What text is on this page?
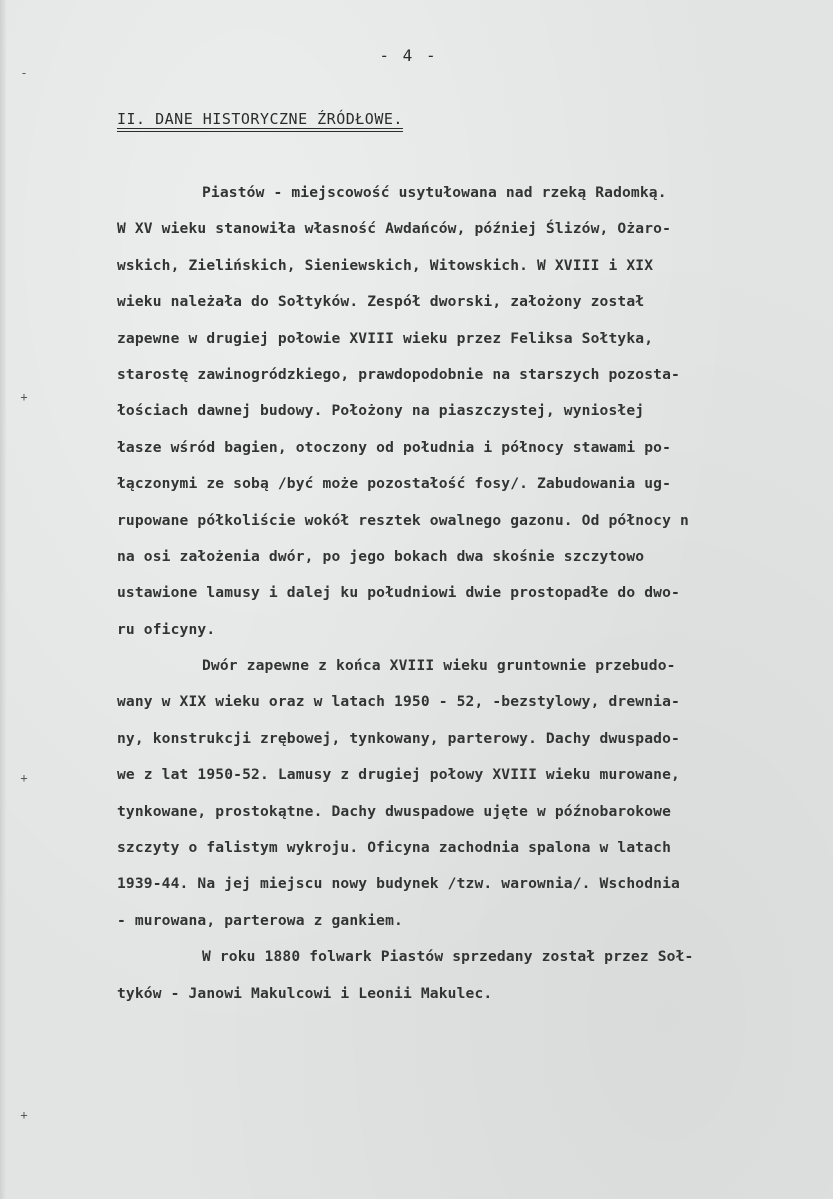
-
+
+
+
- 4 -
II. DANE HISTORYCZNE ŹRÓDŁOWE.
Piastów - miejscowość usytułowana nad rzeką Radomką.
W XV wieku stanowiła własność Awdańców, później Ślizów, Ożaro-
wskich, Zielińskich, Sieniewskich, Witowskich. W XVIII i XIX
wieku należała do Sołtyków. Zespół dworski, założony został
zapewne w drugiej połowie XVIII wieku przez Feliksa Sołtyka,
starostę zawinogródzkiego, prawdopodobnie na starszych pozosta-
łościach dawnej budowy. Położony na piaszczystej, wyniosłej
łasze wśród bagien, otoczony od południa i północy stawami po-
łączonymi ze sobą /być może pozostałość fosy/. Zabudowania ug-
rupowane półkoliście wokół resztek owalnego gazonu. Od północy n
na osi założenia dwór, po jego bokach dwa skośnie szczytowo
ustawione lamusy i dalej ku południowi dwie prostopadłe do dwo-
ru oficyny.
Dwór zapewne z końca XVIII wieku gruntownie przebudo-
wany w XIX wieku oraz w latach 1950 - 52, -bezstylowy, drewnia-
ny, konstrukcji zrębowej, tynkowany, parterowy. Dachy dwuspado-
we z lat 1950-52. Lamusy z drugiej połowy XVIII wieku murowane,
tynkowane, prostokątne. Dachy dwuspadowe ujęte w późnobarokowe
szczyty o falistym wykroju. Oficyna zachodnia spalona w latach
1939-44. Na jej miejscu nowy budynek /tzw. warownia/. Wschodnia
- murowana, parterowa z gankiem.
W roku 1880 folwark Piastów sprzedany został przez Soł-
tyków - Janowi Makulcowi i Leonii Makulec.
